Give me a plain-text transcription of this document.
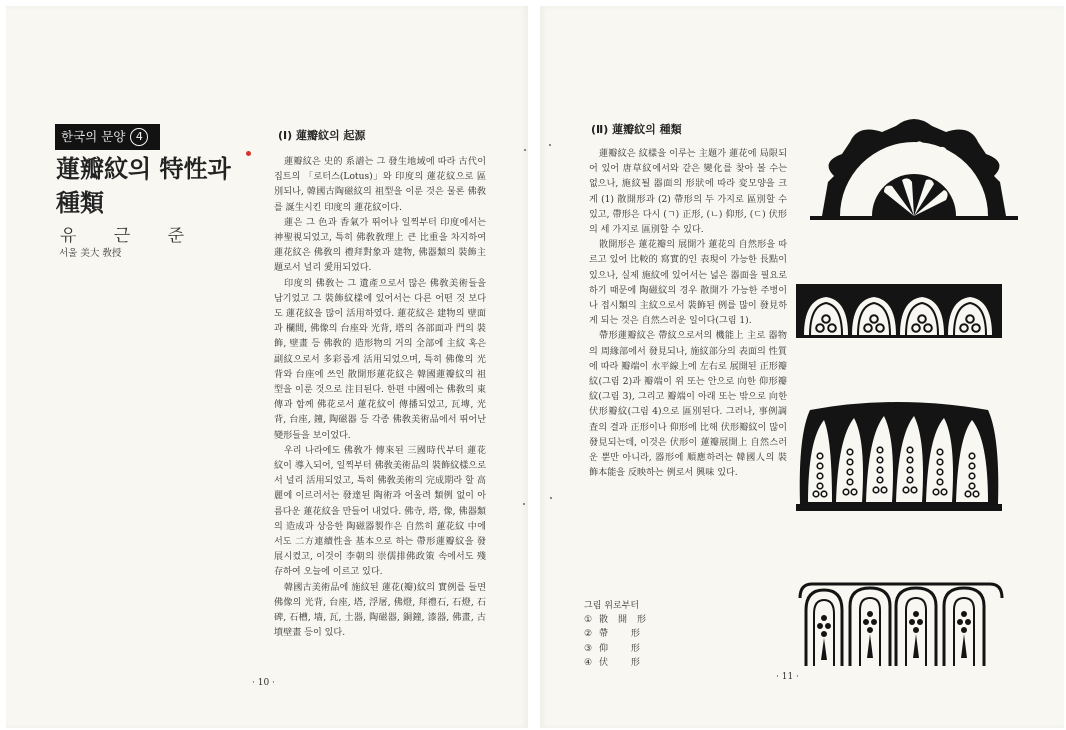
한국의 문양 4
蓮瓣紋의 特性과
種類

유 근 준

서울 美大 敎授

(Ⅰ) 蓮瓣紋의 起源

蓮瓣紋은 史的 系譜는 그 發生地域에 따라 古代이집트의 「로터스(Lotus)」와 印度의 蓮花紋으로 區別되나, 韓國古陶磁紋의 祖型을 이룬 것은 물론 佛敎를 誕生시킨 印度의 蓮花紋이다.

蓮은 그 色과 香氣가 뛰어나 일찍부터 印度에서는 神聖視되었고, 특히 佛敎敎理上 큰 比重을 차지하여 蓮花紋은 佛敎의 禮拜對象과 建物, 佛器類의 裝飾主題로서 널리 愛用되었다.

印度의 佛敎는 그 遺產으로서 많은 佛敎美術들을 남기었고 그 裝飾紋樣에 있어서는 다른 어떤 것 보다도 蓮花紋을 많이 活用하였다. 蓮花紋은 建物의 壁面과 欄間, 佛像의 台座와 光背, 塔의 各部面과 門의 裝飾, 壁畫 등 佛敎的 造形物의 거의 全部에 主紋 혹은 副紋으로서 多彩롭게 活用되었으며, 특히 佛像의 光背와 台座에 쓰인 散開形蓮花紋은 韓國蓮瓣紋의 祖型을 이룬 것으로 注目된다. 한편 中國에는 佛敎의 東傳과 함께 佛花로서 蓮花紋이 傳播되었고, 瓦塼, 光背, 台座, 鐘, 陶磁器 등 각종 佛敎美術品에서 뛰어난 變形들을 보이었다.

우리 나라에도 佛敎가 傳來된 三國時代부터 蓮花紋이 導入되어, 일찍부터 佛敎美術品의 裝飾紋樣으로서 널리 活用되었고, 특히 佛敎美術의 完成期라 할 高麗에 이르러서는 發達된 陶術과 어울려 類例 없이 아름다운 蓮花紋을 만들어 내었다. 佛寺, 塔, 像, 佛器類의 造成과 상응한 陶磁器製作은 自然히 蓮花紋 中에서도 二方連續性을 基本으로 하는 帶形蓮瓣紋을 發展시켰고, 이것이 李朝의 崇儒排佛政策 속에서도 殘存하여 오늘에 이르고 있다.

韓國古美術品에 施紋된 蓮花(瓣)紋의 實例를 들면 佛像의 光背, 台座, 塔, 浮屠, 佛燈, 拜禮石, 石燈, 石碑, 石槽, 墻, 瓦, 土器, 陶磁器, 銅鐘, 漆器, 佛畫, 古墳壁畫 등이 있다.

· 10 ·
(Ⅱ) 蓮瓣紋의 種類

蓮瓣紋은 紋樣을 이루는 主題가 蓮花에 局限되어 있어 唐草紋에서와 같은 變化를 찾아 볼 수는 없으나, 施紋될 器面의 形狀에 따라 変모양을 크게 (1) 散開形과 (2) 帶形의 두 가지로 區別할 수 있고, 帶形은 다시 (ㄱ) 正形, (ㄴ) 仰形, (ㄷ) 伏形의 세 가지로 區別할 수 있다.

散開形은 蓮花瓣의 展開가 蓮花의 自然形을 따르고 있어 比較的 寫實的인 表現이 가능한 長點이 있으나, 실제 施紋에 있어서는 넓은 器面을 필요로 하기 때문에 陶磁紋의 경우 散開가 가능한 주병이나 접시類의 主紋으로서 裝飾된 例를 많이 發見하게 되는 것은 自然스러운 일이다(그림 1).

帶形蓮瓣紋은 帶紋으로서의 機能上 主로 器物의 周緣部에서 發見되나, 施紋部分의 表面의 性質에 따라 瓣端이 水平線上에 左右로 展開된 正形瓣紋(그림 2)과 瓣端이 위 또는 안으로 向한 仰形瓣紋(그림 3), 그리고 瓣端이 아래 또는 밖으로 向한 伏形瓣紋(그림 4)으로 區別된다. 그러나, 事例調査의 결과 正形이나 仰形에 比해 伏形瓣紋이 많이 發見되는데, 이것은 伏形이 蓮瓣展開上 自然스러운 뿐만 아니라, 器形에 順應하려는 韓國人의 裝飾本能을 反映하는 例로서 興味 있다.

그림 위로부터
① 散開形
② 帶 形
③ 仰 形
④ 伏 形
· 11 ·
